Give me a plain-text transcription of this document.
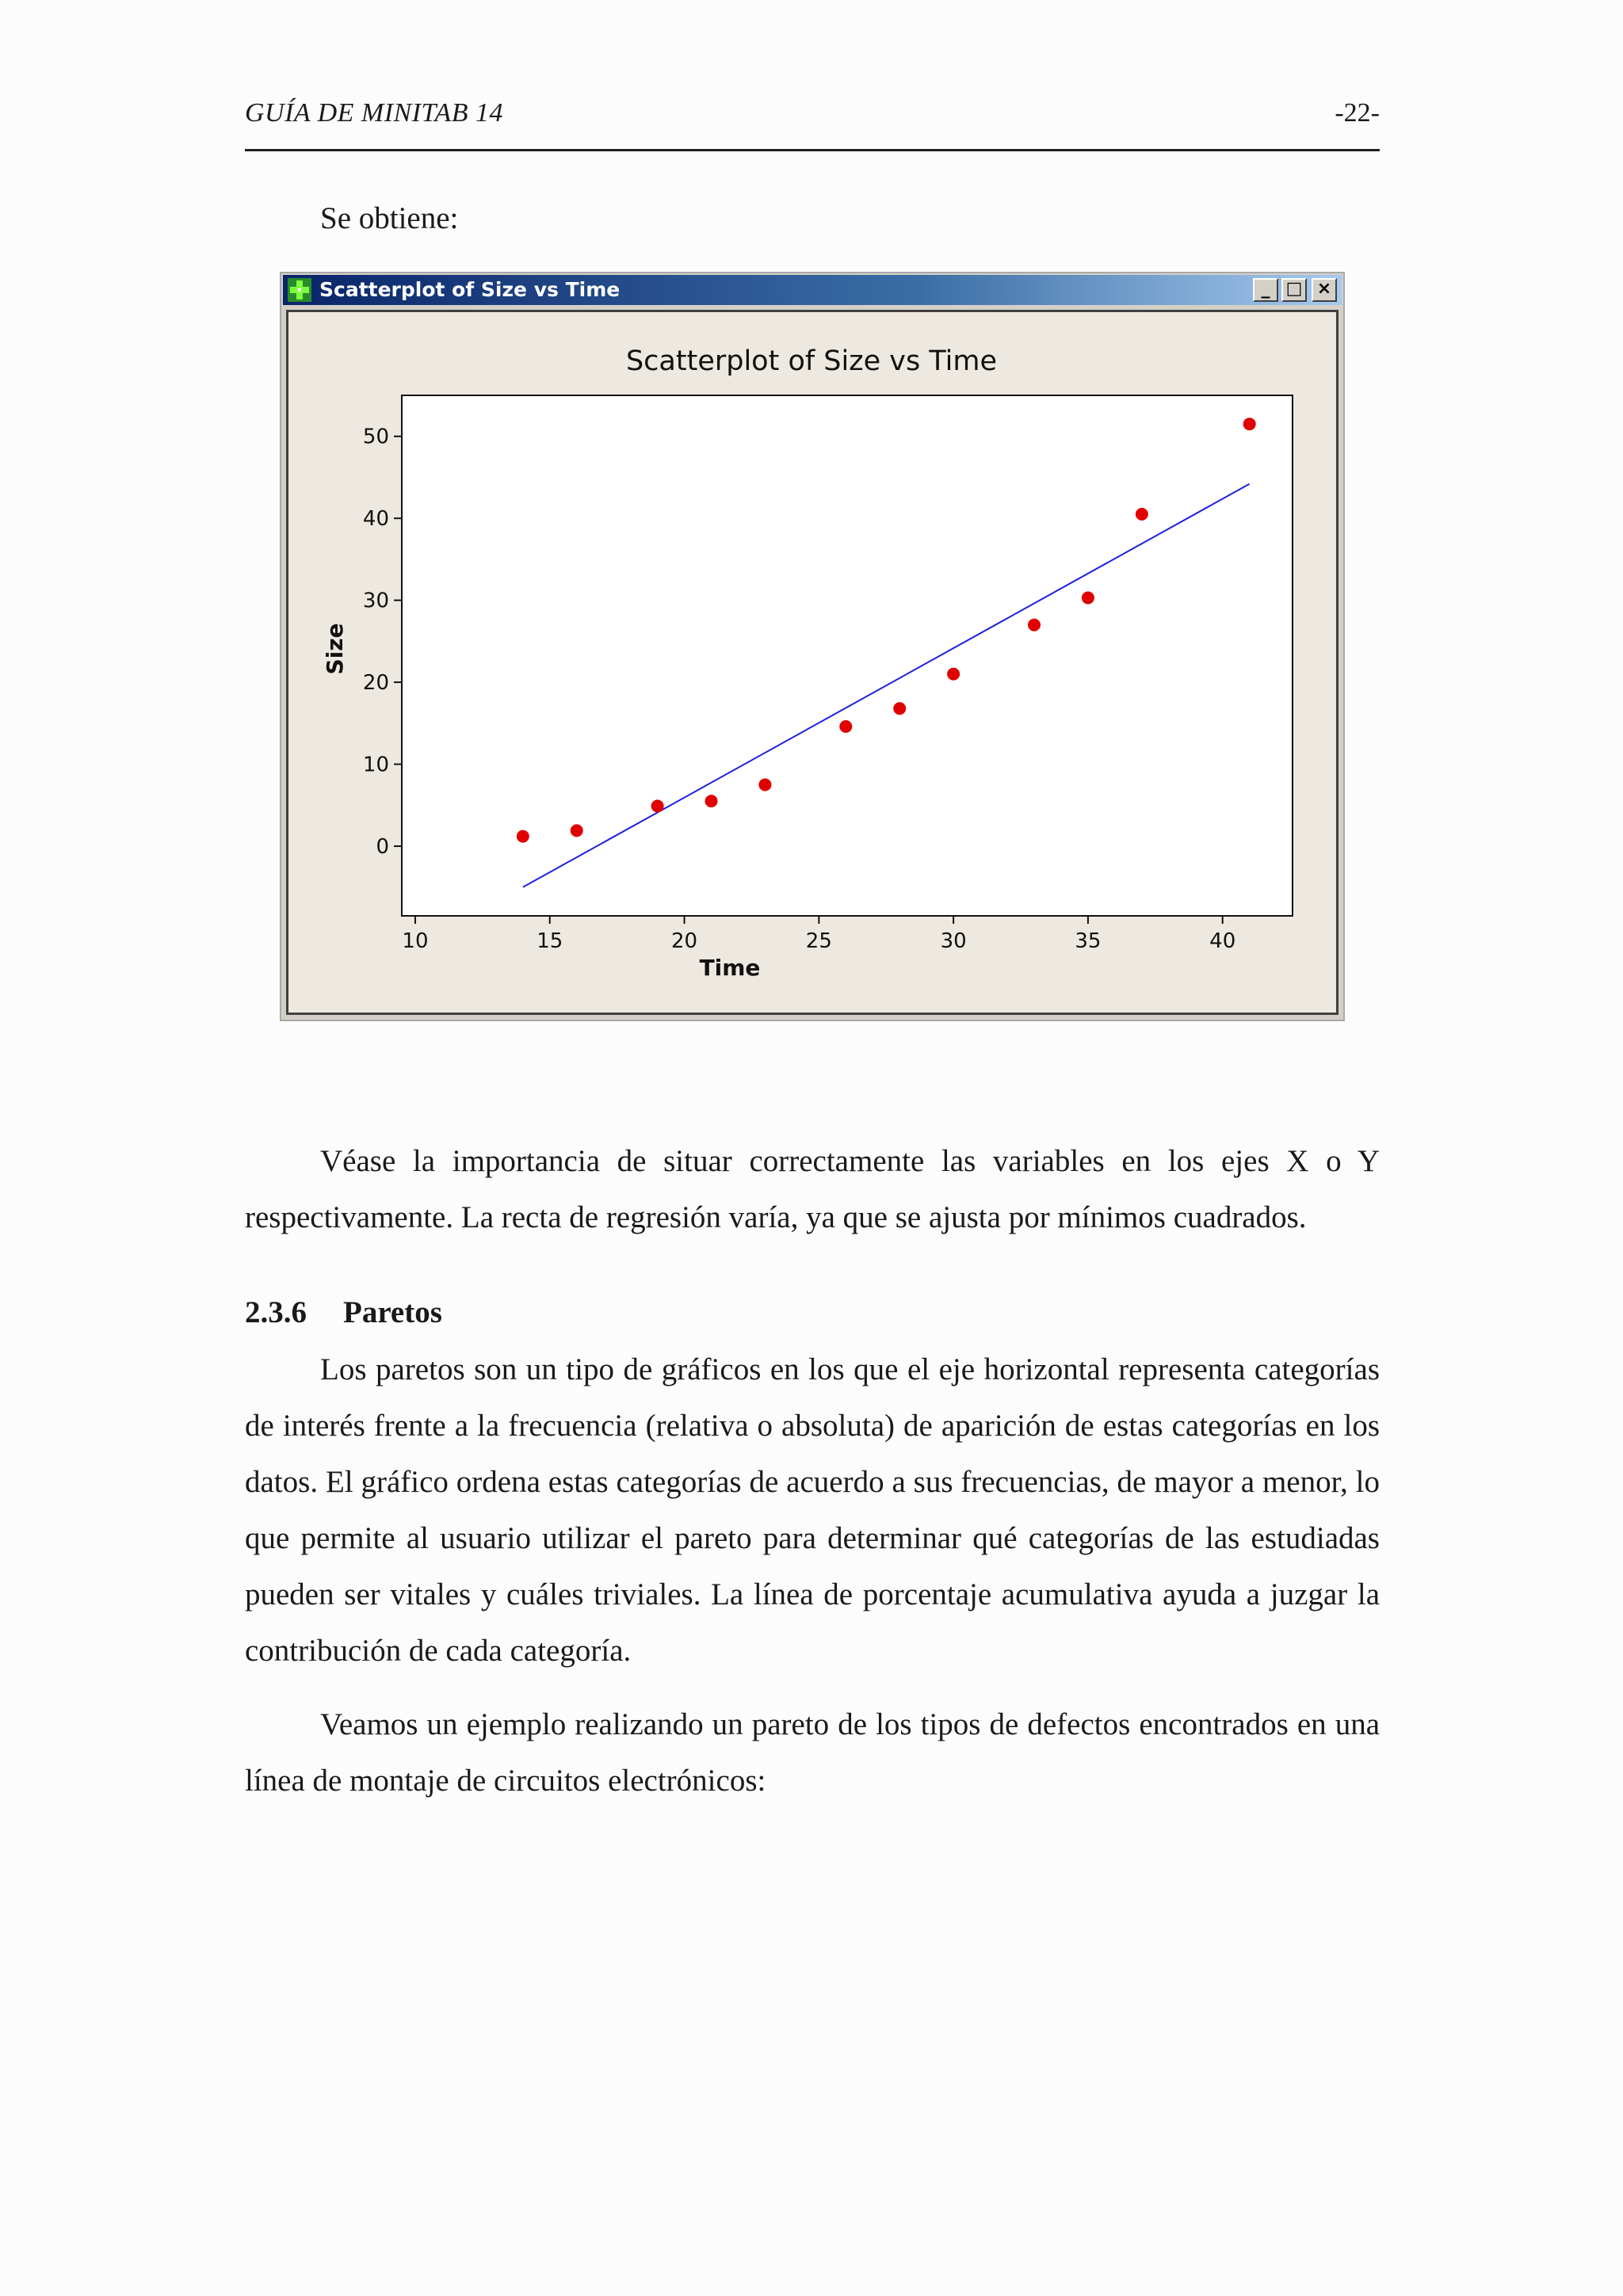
GUÍA DE MINITAB 14	-22-

Se obtiene:

Scatterplot of Size vs Time	_ □ ×
Scatterplot of Size vs Time
10	15	20	25	30	35	40
0
10
20
30
40
50
Time
Size

Véase la importancia de situar correctamente las variables en los ejes X o Y respectivamente. La recta de regresión varía, ya que se ajusta por mínimos cuadrados.

2.3.6 Paretos

Los paretos son un tipo de gráficos en los que el eje horizontal representa categorías de interés frente a la frecuencia (relativa o absoluta) de aparición de estas categorías en los datos. El gráfico ordena estas categorías de acuerdo a sus frecuencias, de mayor a menor, lo que permite al usuario utilizar el pareto para determinar qué categorías de las estudiadas pueden ser vitales y cuáles triviales. La línea de porcentaje acumulativa ayuda a juzgar la contribución de cada categoría.

Veamos un ejemplo realizando un pareto de los tipos de defectos encontrados en una línea de montaje de circuitos electrónicos:
